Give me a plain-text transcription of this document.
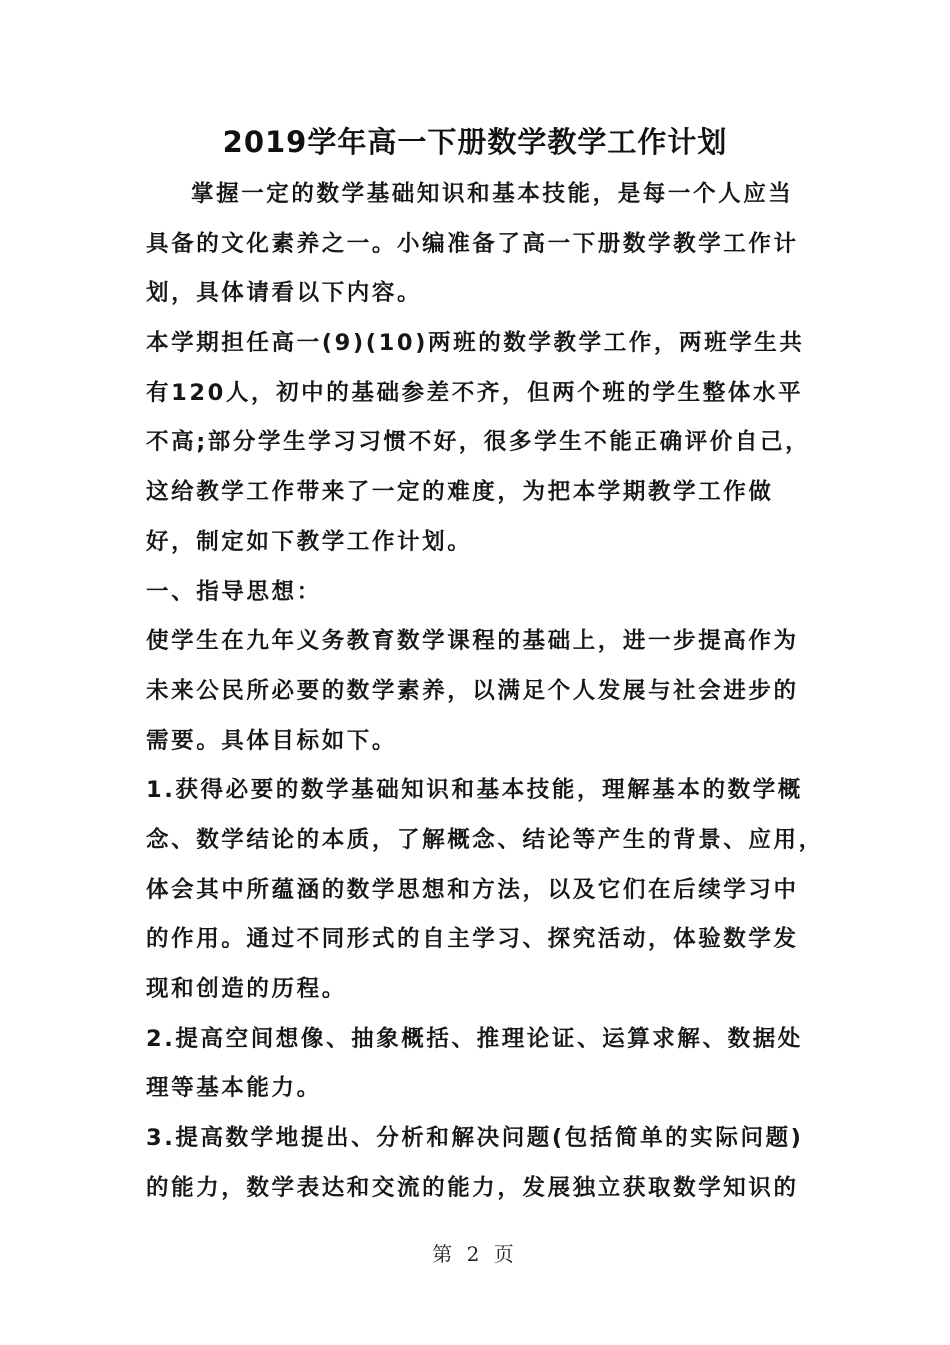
2019学年高一下册数学教学工作计划
掌握一定的数学基础知识和基本技能，是每一个人应当
具备的文化素养之一。小编准备了高一下册数学教学工作计
划，具体请看以下内容。
本学期担任高一(9)(10)两班的数学教学工作，两班学生共
有120人，初中的基础参差不齐，但两个班的学生整体水平
不高;部分学生学习习惯不好，很多学生不能正确评价自己，
这给教学工作带来了一定的难度，为把本学期教学工作做
好，制定如下教学工作计划。
一、指导思想：
使学生在九年义务教育数学课程的基础上，进一步提高作为
未来公民所必要的数学素养，以满足个人发展与社会进步的
需要。具体目标如下。
1.获得必要的数学基础知识和基本技能，理解基本的数学概
念、数学结论的本质，了解概念、结论等产生的背景、应用，
体会其中所蕴涵的数学思想和方法，以及它们在后续学习中
的作用。通过不同形式的自主学习、探究活动，体验数学发
现和创造的历程。
2.提高空间想像、抽象概括、推理论证、运算求解、数据处
理等基本能力。
3.提高数学地提出、分析和解决问题(包括简单的实际问题)
的能力，数学表达和交流的能力，发展独立获取数学知识的
第 2 页
